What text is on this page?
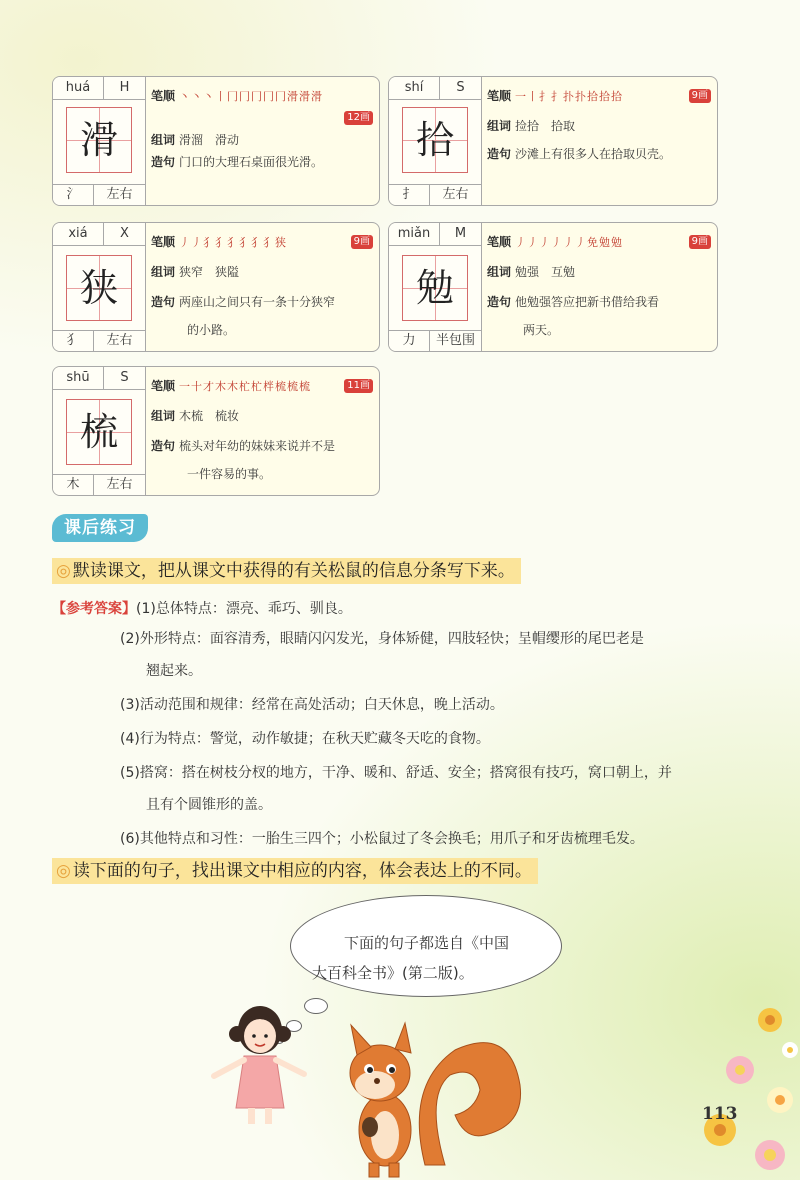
huá	H
滑
氵	左右
笔顺 丶丶丶丨冂冂冂冂冂滑滑滑
12画
组词 滑溜　滑动
造句 门口的大理石桌面很光滑。
shí	S
拾
扌	左右
笔顺 一丨扌扌扑扑拾拾拾	9画
组词 捡拾　拾取
造句 沙滩上有很多人在拾取贝壳。
xiá	X
狭
犭	左右
笔顺 丿丿犭犭犭犭犭犭狭	9画
组词 狭窄　狭隘
造句 两座山之间只有一条十分狭窄
的小路。
miǎn	M
勉
力	半包围
笔顺 丿丿丿丿丿丿免勉勉	9画
组词 勉强　互勉
造句 他勉强答应把新书借给我看
两天。
shū	S
梳
木	左右
笔顺 一十才木木杧杧柈梳梳梳	11画
组词 木梳　梳妆
造句 梳头对年幼的妹妹来说并不是
一件容易的事。
课后练习
◎ 默读课文，把从课文中获得的有关松鼠的信息分条写下来。
【参考答案】(1)总体特点：漂亮、乖巧、驯良。
(2)外形特点：面容清秀，眼睛闪闪发光，身体矫健，四肢轻快；呈帽缨形的尾巴老是
翘起来。
(3)活动范围和规律：经常在高处活动；白天休息，晚上活动。
(4)行为特点：警觉，动作敏捷；在秋天贮藏冬天吃的食物。
(5)搭窝：搭在树枝分杈的地方，干净、暖和、舒适、安全；搭窝很有技巧，窝口朝上，并
且有个圆锥形的盖。
(6)其他特点和习性：一胎生三四个；小松鼠过了冬会换毛；用爪子和牙齿梳理毛发。
◎ 读下面的句子，找出课文中相应的内容，体会表达上的不同。
下面的句子都选自《中国
大百科全书》(第二版)。
113
